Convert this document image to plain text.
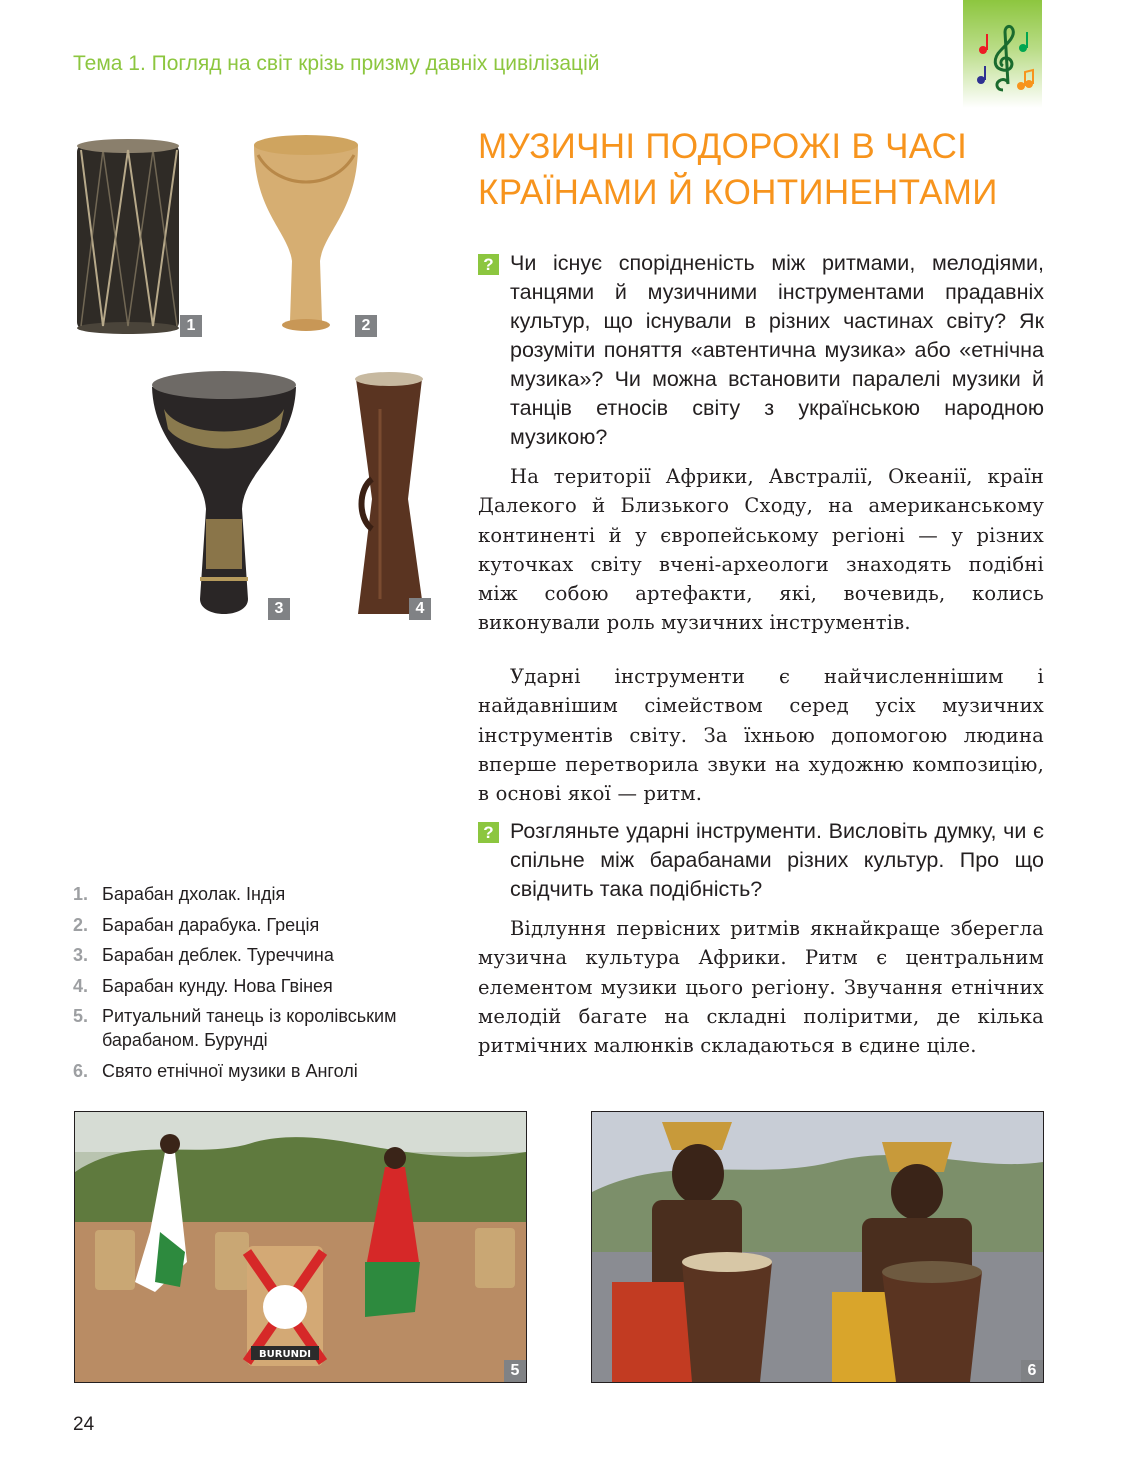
Тема 1. Погляд на світ крізь призму давніх цивілізацій
МУЗИЧНІ ПОДОРОЖІ В ЧАСІ
КРАЇНАМИ Й КОНТИНЕНТАМИ
? Чи існує спорідненість між ритмами, мелодіями, танцями й музичними інструментами прадавніх культур, що існували в різних частинах світу? Як розуміти поняття «автентична музика» або «етнічна музика»? Чи можна встановити паралелі музики й танців етносів світу з українською народною музикою?
На території Африки, Австралії, Океанії, країн Далекого й Близького Сходу, на американському континенті й у європейському регіоні — у різних куточках світу вчені-археологи знаходять подібні між собою артефакти, які, вочевидь, колись виконували роль музичних інструментів.
Ударні інструменти є найчисленнішим і найдавнішим сімейством серед усіх музичних інструментів світу. За їхньою допомогою людина вперше перетворила звуки на художню композицію, в основі якої — ритм.
? Розгляньте ударні інструменти. Висловіть думку, чи є спільне між барабанами різних культур. Про що свідчить така подібність?
Відлуння первісних ритмів якнайкраще зберегла музична культура Африки. Ритм є центральним елементом музики цього регіону. Звучання етнічних мелодій багате на складні поліритми, де кілька ритмічних малюнків складаються в єдине ціле.
1	2
3	4
1. Барабан дхолак. Індія
2. Барабан дарабука. Греція
3. Барабан деблек. Туреччина
4. Барабан кунду. Нова Гвінея
5. Ритуальний танець із королівським барабаном. Бурунді
6. Свято етнічної музики в Анголі
BURUNDI
5	6
24
